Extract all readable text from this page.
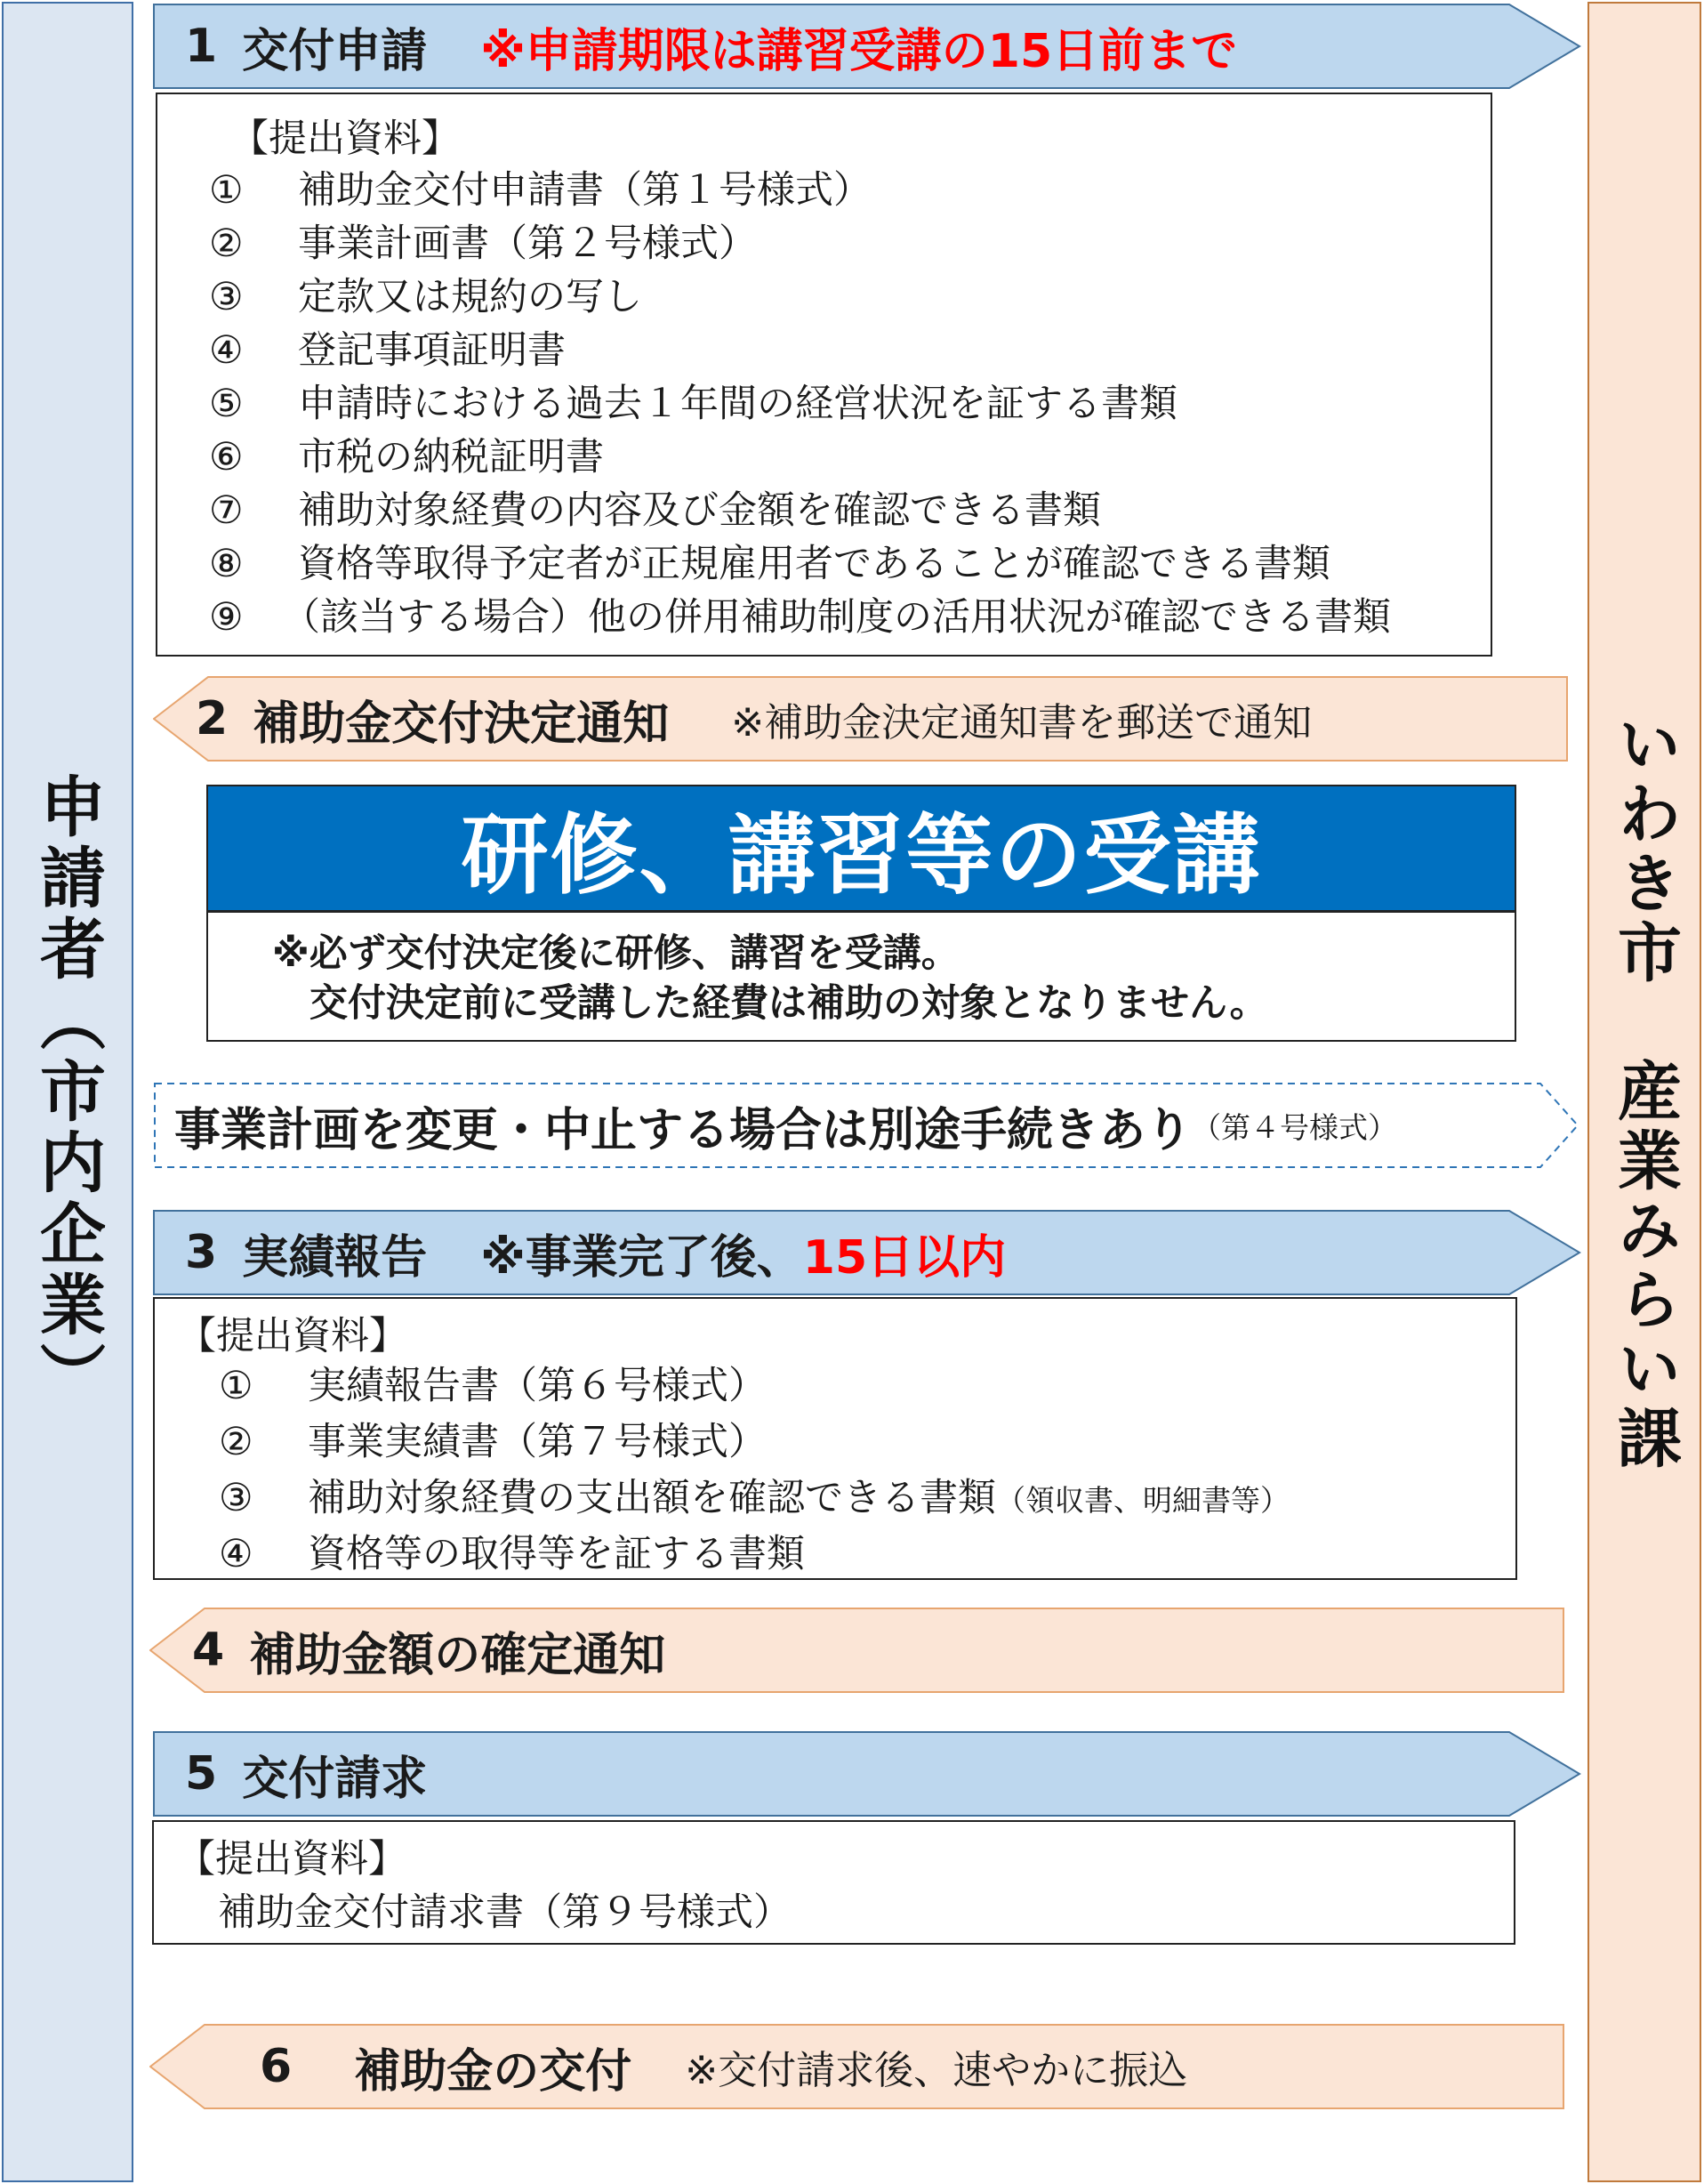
申請者（市内企業）	いわき市　産業みらい課
1 交付申請 ※申請期限は講習受講の15日前まで
【提出資料】
① 補助金交付申請書（第１号様式）
② 事業計画書（第２号様式）
③ 定款又は規約の写し
④ 登記事項証明書
⑤ 申請時における過去１年間の経営状況を証する書類
⑥ 市税の納税証明書
⑦ 補助対象経費の内容及び金額を確認できる書類
⑧ 資格等取得予定者が正規雇用者であることが確認できる書類
⑨ （該当する場合）他の併用補助制度の活用状況が確認できる書類
2 補助金交付決定通知 ※補助金決定通知書を郵送で通知
研修、講習等の受講
※必ず交付決定後に研修、講習を受講。
交付決定前に受講した経費は補助の対象となりません。
事業計画を変更・中止する場合は別途手続きあり （第４号様式）
3 実績報告 ※事業完了後、 15日以内
【提出資料】
① 実績報告書（第６号様式）
② 事業実績書（第７号様式）
③ 補助対象経費の支出額を確認できる書類（領収書、明細書等）
④ 資格等の取得等を証する書類
4 補助金額の確定通知
5 交付請求
【提出資料】
補助金交付請求書（第９号様式）
6 補助金の交付 ※交付請求後、速やかに振込
